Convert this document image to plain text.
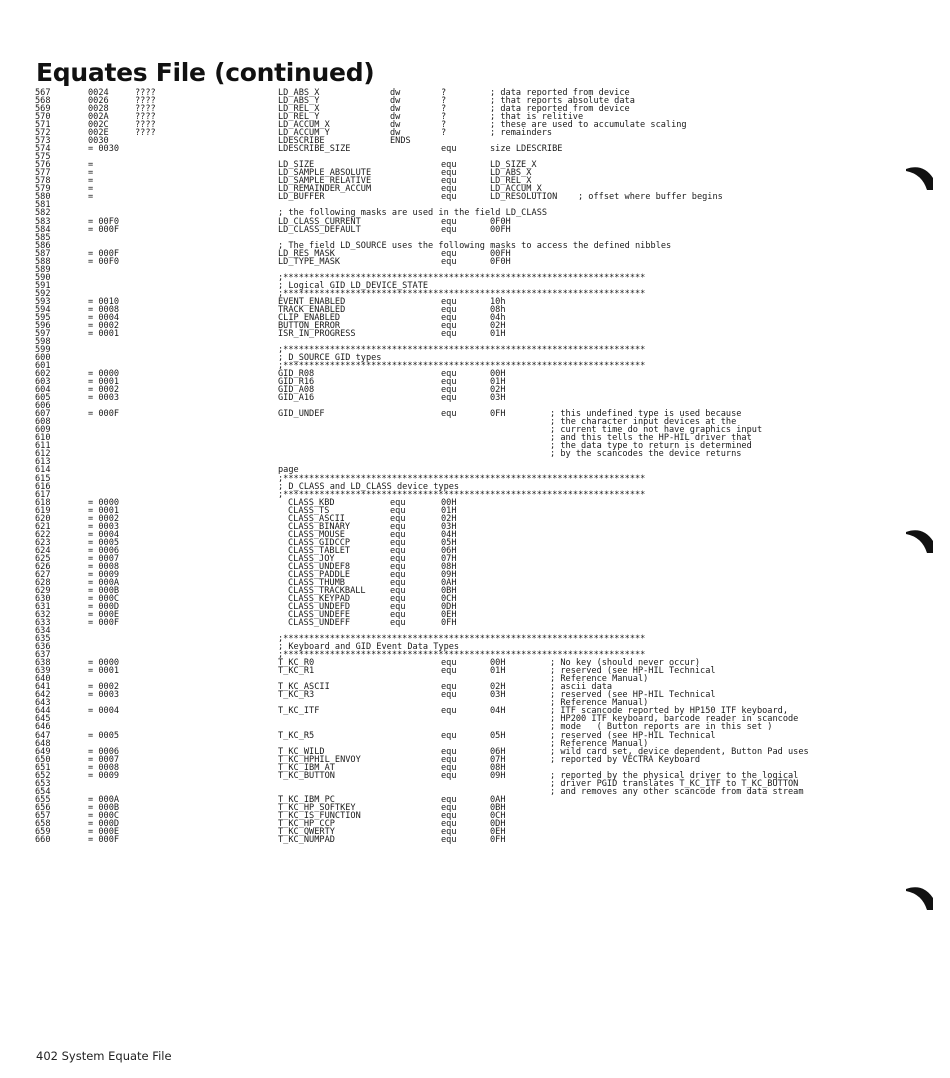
Equates File (continued)
567	0024	????	LD_ABS_X	dw	?	; data reported from device
568	0026	????	LD_ABS_Y	dw	?	; that reports absolute data
569	0028	????	LD_REL_X	dw	?	; data reported from device
570	002A	????	LD_REL_Y	dw	?	; that is relitive
571	002C	????	LD_ACCUM_X	dw	?	; these are used to accumulate scaling
572	002E	????	LD_ACCUM_Y	dw	?	; remainders
573	0030	LDESCRIBE	ENDS
574	= 0030	LDESCRIBE_SIZE	equ	size LDESCRIBE
575
576	=	LD_SIZE	equ	LD_SIZE_X
577	=	LD_SAMPLE_ABSOLUTE	equ	LD_ABS_X
578	=	LD_SAMPLE_RELATIVE	equ	LD_REL_X
579	=	LD_REMAINDER_ACCUM	equ	LD_ACCUM_X
580	=	LD_BUFFER	equ	LD_RESOLUTION    ; offset where buffer begins
581
582	; the following masks are used in the field LD_CLASS
583	= 00F0	LD_CLASS_CURRENT	equ	0F0H
584	= 000F	LD_CLASS_DEFAULT	equ	00FH
585
586	; The field LD_SOURCE uses the following masks to access the defined nibbles
587	= 000F	LD_RES_MASK	equ	00FH
588	= 00F0	LD_TYPE_MASK	equ	0F0H
589
590	;**********************************************************************
591	; Logical GID LD_DEVICE_STATE
592	;**********************************************************************
593	= 0010	EVENT_ENABLED	equ	10h
594	= 0008	TRACK_ENABLED	equ	08h
595	= 0004	CLIP_ENABLED	equ	04h
596	= 0002	BUTTON_ERROR	equ	02H
597	= 0001	ISR_IN_PROGRESS	equ	01H
598
599	;**********************************************************************
600	; D_SOURCE GID types
601	;**********************************************************************
602	= 0000	GID_R08	equ	00H
603	= 0001	GID_R16	equ	01H
604	= 0002	GID_A08	equ	02H
605	= 0003	GID_A16	equ	03H
606
607	= 000F	GID_UNDEF	equ	0FH	; this undefined type is used because
608	; the character input devices at the
609	; current time do not have graphics input
610	; and this tells the HP-HIL driver that
611	; the data type to return is determined
612	; by the scancodes the device returns
613
614	page
615	;**********************************************************************
616	; D_CLASS and LD_CLASS device types
617	;**********************************************************************
618	= 0000	CLASS_KBD	equ	00H
619	= 0001	CLASS_TS	equ	01H
620	= 0002	CLASS_ASCII	equ	02H
621	= 0003	CLASS_BINARY	equ	03H
622	= 0004	CLASS_MOUSE	equ	04H
623	= 0005	CLASS_GIDCCP	equ	05H
624	= 0006	CLASS_TABLET	equ	06H
625	= 0007	CLASS_JOY	equ	07H
626	= 0008	CLASS_UNDEF8	equ	08H
627	= 0009	CLASS_PADDLE	equ	09H
628	= 000A	CLASS_THUMB	equ	0AH
629	= 000B	CLASS_TRACKBALL	equ	0BH
630	= 000C	CLASS_KEYPAD	equ	0CH
631	= 000D	CLASS_UNDEFD	equ	0DH
632	= 000E	CLASS_UNDEFE	equ	0EH
633	= 000F	CLASS_UNDEFF	equ	0FH
634
635	;**********************************************************************
636	; Keyboard and GID Event Data Types
637	;**********************************************************************
638	= 0000	T_KC_R0	equ	00H	; No key (should never occur)
639	= 0001	T_KC_R1	equ	01H	; reserved (see HP-HIL Technical
640	; Reference Manual)
641	= 0002	T_KC_ASCII	equ	02H	; ascii data
642	= 0003	T_KC_R3	equ	03H	; reserved (see HP-HIL Technical
643	; Reference Manual)
644	= 0004	T_KC_ITF	equ	04H	; ITF scancode reported by HP150 ITF keyboard,
645	; HP200 ITF keyboard, barcode reader in scancode
646	; mode   ( Button reports are in this set )
647	= 0005	T_KC_R5	equ	05H	; reserved (see HP-HIL Technical
648	; Reference Manual)
649	= 0006	T_KC_WILD	equ	06H	; wild card set, device dependent, Button Pad uses
650	= 0007	T_KC_HPHIL_ENVOY	equ	07H	; reported by VECTRA Keyboard
651	= 0008	T_KC_IBM_AT	equ	08H
652	= 0009	T_KC_BUTTON	equ	09H	; reported by the physical driver to the logical
653	; driver PGID translates T_KC_ITF to T_KC_BUTTON
654	; and removes any other scancode from data stream
655	= 000A	T_KC_IBM_PC	equ	0AH
656	= 000B	T_KC_HP_SOFTKEY	equ	0BH
657	= 000C	T_KC_IS_FUNCTION	equ	0CH
658	= 000D	T_KC_HP_CCP	equ	0DH
659	= 000E	T_KC_QWERTY	equ	0EH
660	= 000F	T_KC_NUMPAD	equ	0FH
402 System Equate File
